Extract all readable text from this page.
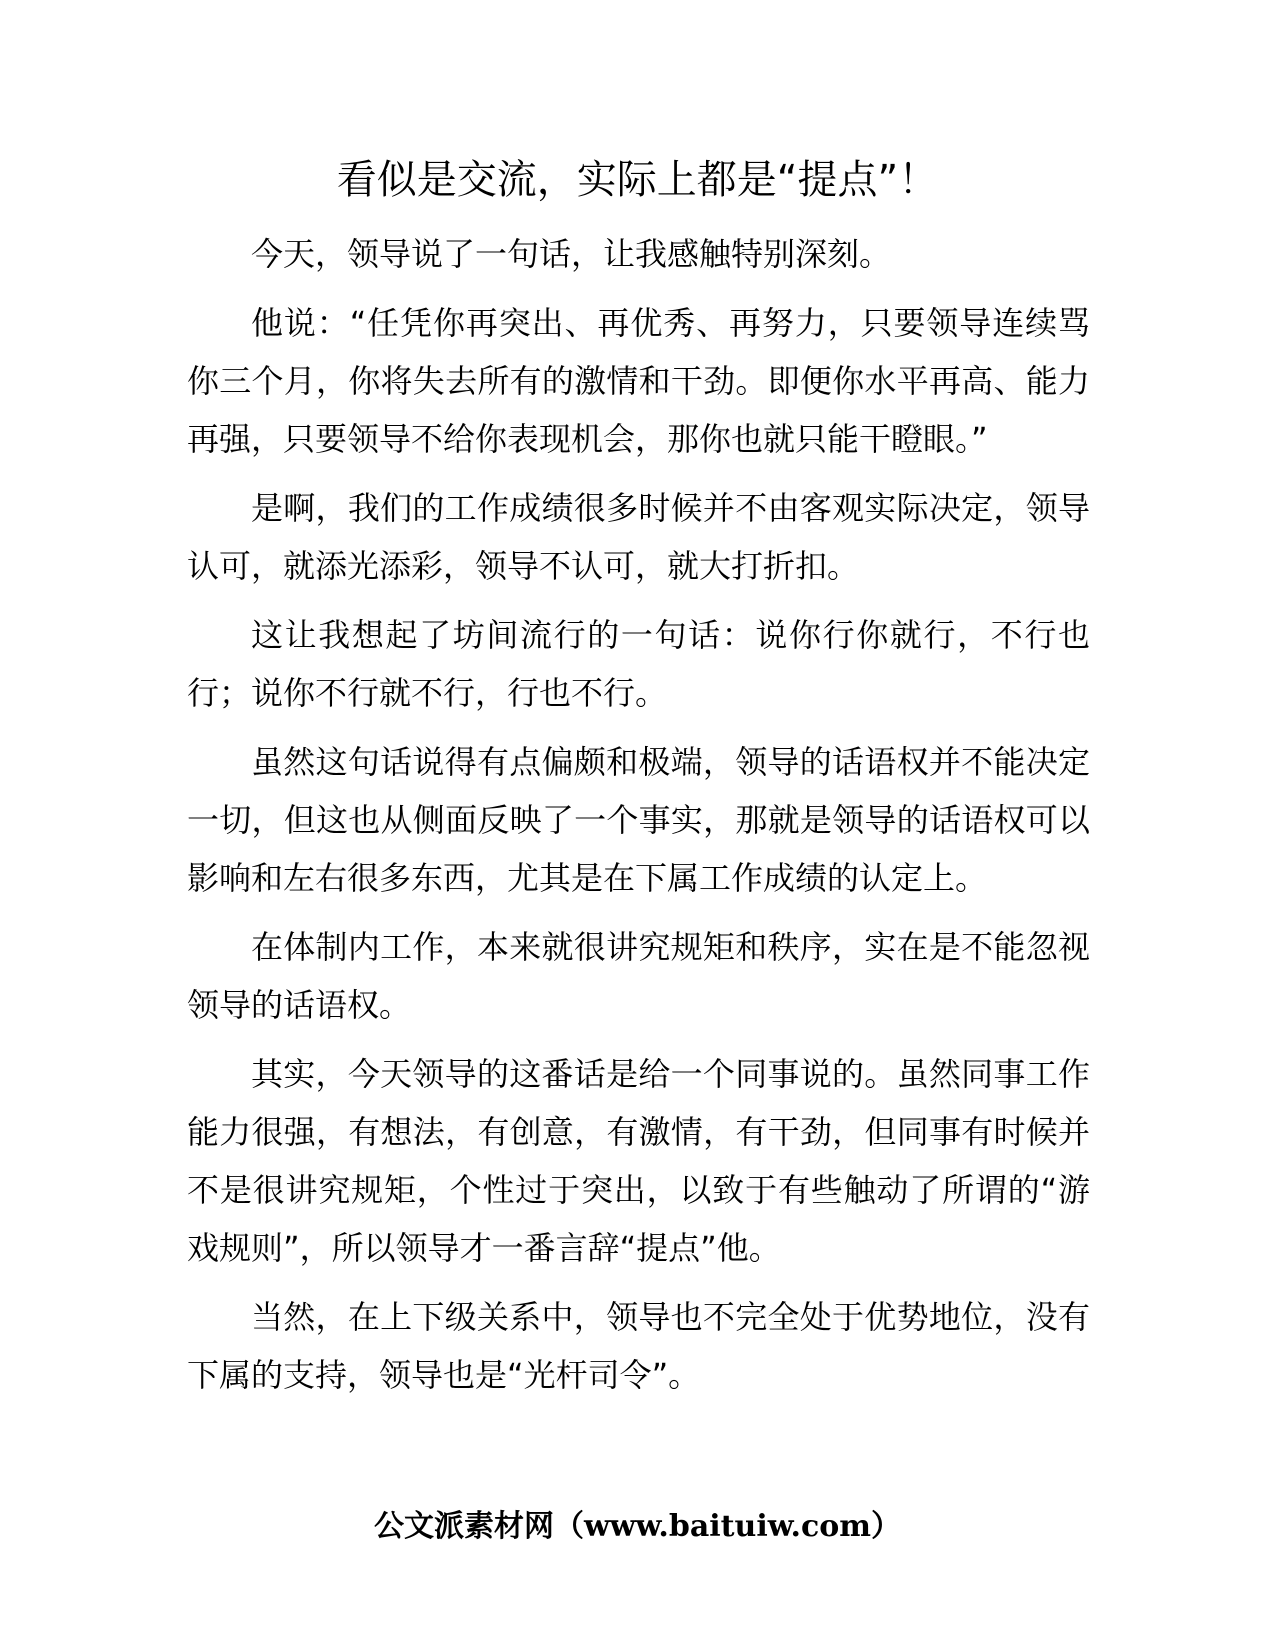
看似是交流，实际上都是“提点”！

今天，领导说了一句话，让我感触特别深刻。

他说：“任凭你再突出、再优秀、再努力，只要领导连续骂你三个月，你将失去所有的激情和干劲。即便你水平再高、能力再强，只要领导不给你表现机会，那你也就只能干瞪眼。”

是啊，我们的工作成绩很多时候并不由客观实际决定，领导认可，就添光添彩，领导不认可，就大打折扣。

这让我想起了坊间流行的一句话：说你行你就行，不行也行；说你不行就不行，行也不行。

虽然这句话说得有点偏颇和极端，领导的话语权并不能决定一切，但这也从侧面反映了一个事实，那就是领导的话语权可以影响和左右很多东西，尤其是在下属工作成绩的认定上。

在体制内工作，本来就很讲究规矩和秩序，实在是不能忽视领导的话语权。

其实，今天领导的这番话是给一个同事说的。虽然同事工作能力很强，有想法，有创意，有激情，有干劲，但同事有时候并不是很讲究规矩，个性过于突出，以致于有些触动了所谓的“游戏规则”，所以领导才一番言辞“提点”他。

当然，在上下级关系中，领导也不完全处于优势地位，没有下属的支持，领导也是“光杆司令”。

公文派素材网（www.baituiw.com）
